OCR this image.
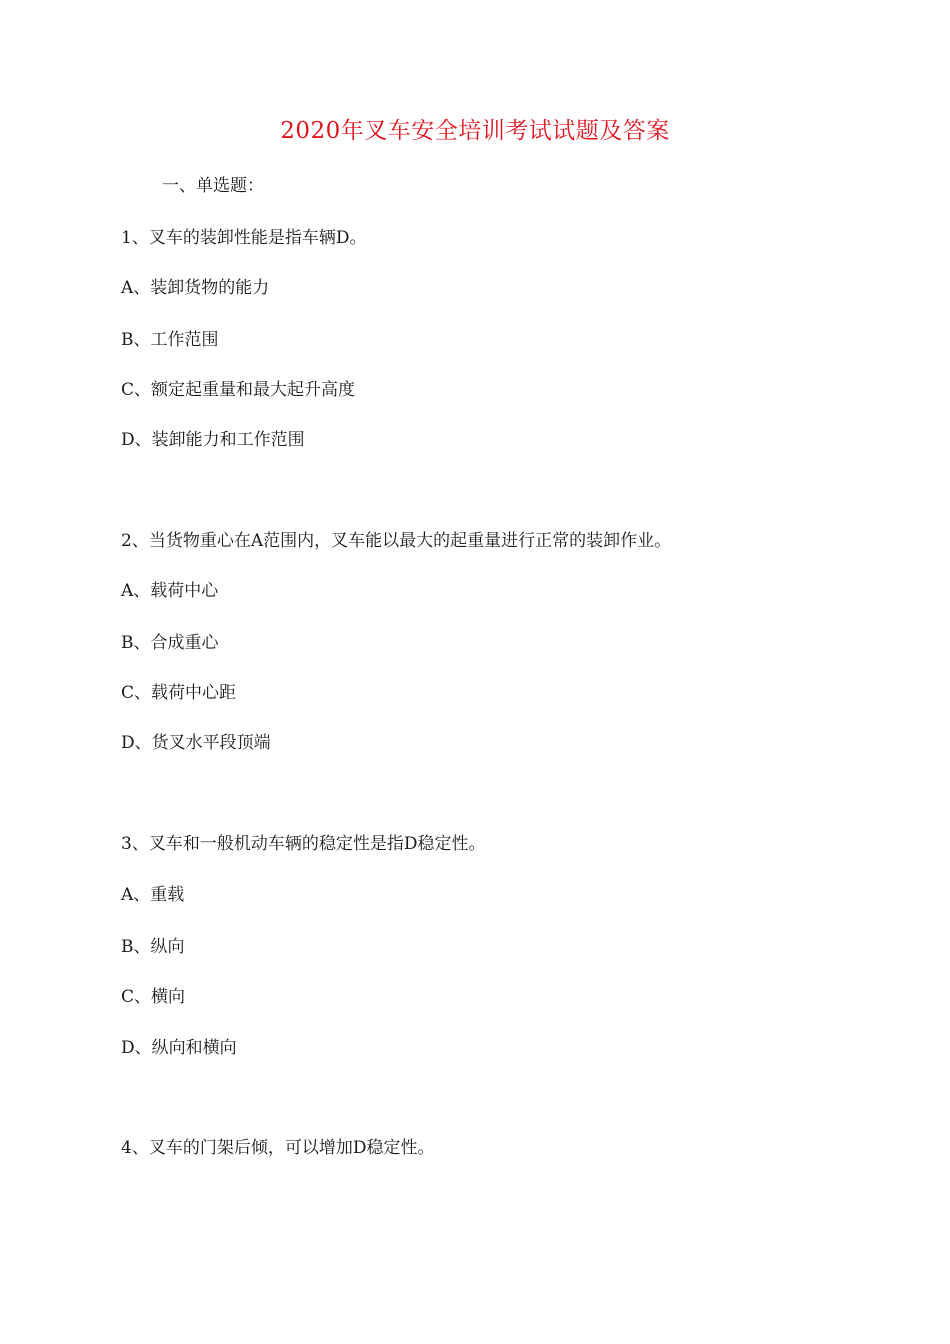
2020年叉车安全培训考试试题及答案
一、单选题：
1、叉车的装卸性能是指车辆D。
A、装卸货物的能力
B、工作范围
C、额定起重量和最大起升高度
D、装卸能力和工作范围
2、当货物重心在A范围内，叉车能以最大的起重量进行正常的装卸作业。
A、载荷中心
B、合成重心
C、载荷中心距
D、货叉水平段顶端
3、叉车和一般机动车辆的稳定性是指D稳定性。
A、重载
B、纵向
C、横向
D、纵向和横向
4、叉车的门架后倾，可以增加D稳定性。
